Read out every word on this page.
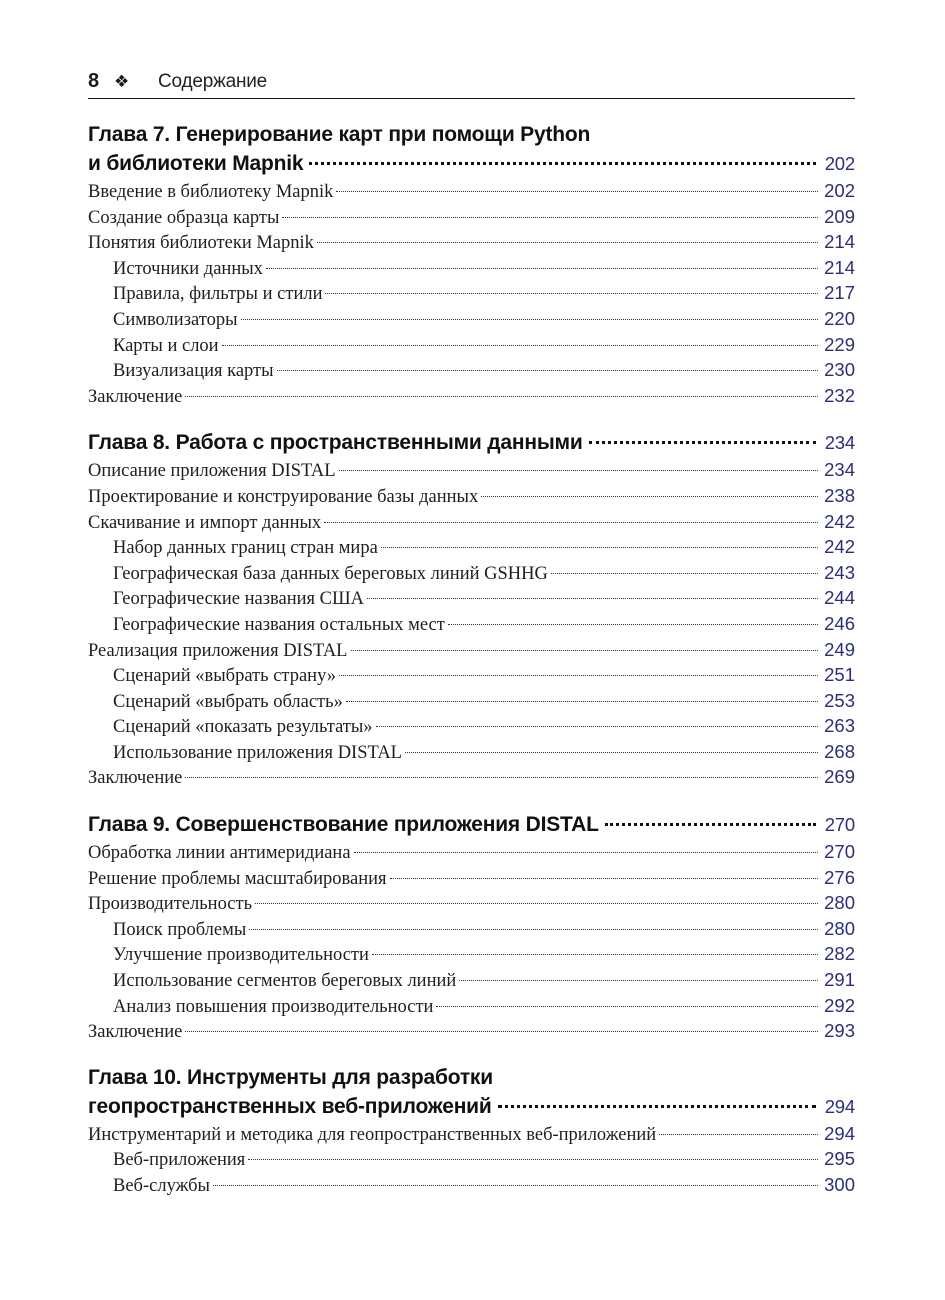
8 ❖	Содержание
Глава 7. Генерирование карт при помощи Python
и библиотеки Mapnik	202
Введение в библиотеку Mapnik	202
Создание образца карты	209
Понятия библиотеки Mapnik	214
Источники данных	214
Правила, фильтры и стили	217
Символизаторы	220
Карты и слои	229
Визуализация карты	230
Заключение	232
Глава 8. Работа с пространственными данными	234
Описание приложения DISTAL	234
Проектирование и конструирование базы данных	238
Скачивание и импорт данных	242
Набор данных границ стран мира	242
Географическая база данных береговых линий GSHHG	243
Географические названия США	244
Географические названия остальных мест	246
Реализация приложения DISTAL	249
Сценарий «выбрать страну»	251
Сценарий «выбрать область»	253
Сценарий «показать результаты»	263
Использование приложения DISTAL	268
Заключение	269
Глава 9. Совершенствование приложения DISTAL	270
Обработка линии антимеридиана	270
Решение проблемы масштабирования	276
Производительность	280
Поиск проблемы	280
Улучшение производительности	282
Использование сегментов береговых линий	291
Анализ повышения производительности	292
Заключение	293
Глава 10. Инструменты для разработки
геопространственных веб-приложений	294
Инструментарий и методика для геопространственных веб-приложений	294
Веб-приложения	295
Веб-службы	300
